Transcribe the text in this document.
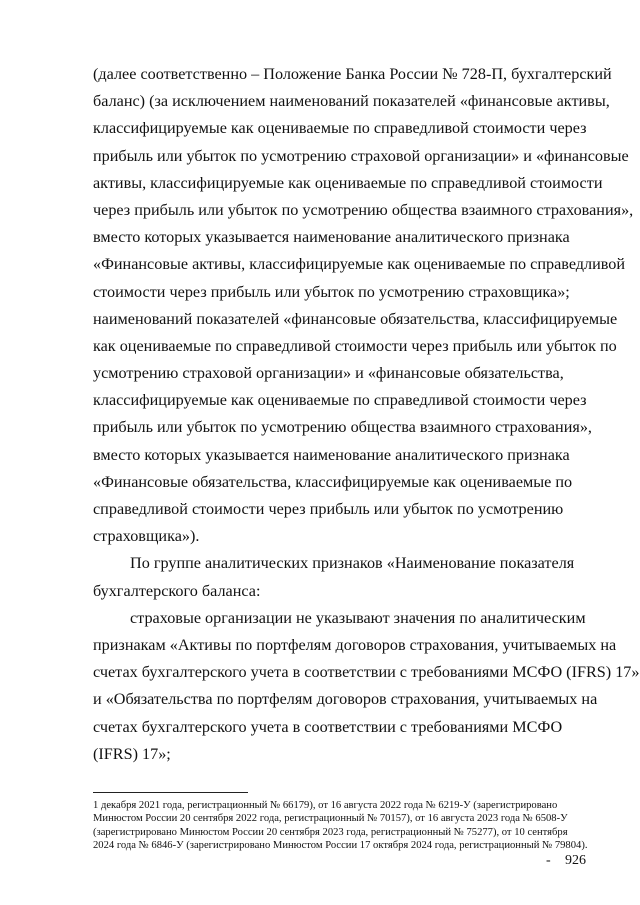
(далее соответственно – Положение Банка России № 728-П, бухгалтерский
баланс) (за исключением наименований показателей «финансовые активы,
классифицируемые как оцениваемые по справедливой стоимости через
прибыль или убыток по усмотрению страховой организации» и «финансовые
активы, классифицируемые как оцениваемые по справедливой стоимости
через прибыль или убыток по усмотрению общества взаимного страхования»,
вместо которых указывается наименование аналитического признака
«Финансовые активы, классифицируемые как оцениваемые по справедливой
стоимости через прибыль или убыток по усмотрению страховщика»;
наименований показателей «финансовые обязательства, классифицируемые
как оцениваемые по справедливой стоимости через прибыль или убыток по
усмотрению страховой организации» и «финансовые обязательства,
классифицируемые как оцениваемые по справедливой стоимости через
прибыль или убыток по усмотрению общества взаимного страхования»,
вместо которых указывается наименование аналитического признака
«Финансовые обязательства, классифицируемые как оцениваемые по
справедливой стоимости через прибыль или убыток по усмотрению
страховщика»).
По группе аналитических признаков «Наименование показателя
бухгалтерского баланса:
страховые организации не указывают значения по аналитическим
признакам «Активы по портфелям договоров страхования, учитываемых на
счетах бухгалтерского учета в соответствии с требованиями МСФО (IFRS) 17»
и «Обязательства по портфелям договоров страхования, учитываемых на
счетах бухгалтерского учета в соответствии с требованиями МСФО
(IFRS) 17»;
1 декабря 2021 года, регистрационный № 66179), от 16 августа 2022 года № 6219-У (зарегистрировано
Минюстом России 20 сентября 2022 года, регистрационный № 70157), от 16 августа 2023 года № 6508-У
(зарегистрировано Минюстом России 20 сентября 2023 года, регистрационный № 75277), от 10 сентября
2024 года № 6846-У (зарегистрировано Минюстом России 17 октября 2024 года, регистрационный № 79804).
- 926
